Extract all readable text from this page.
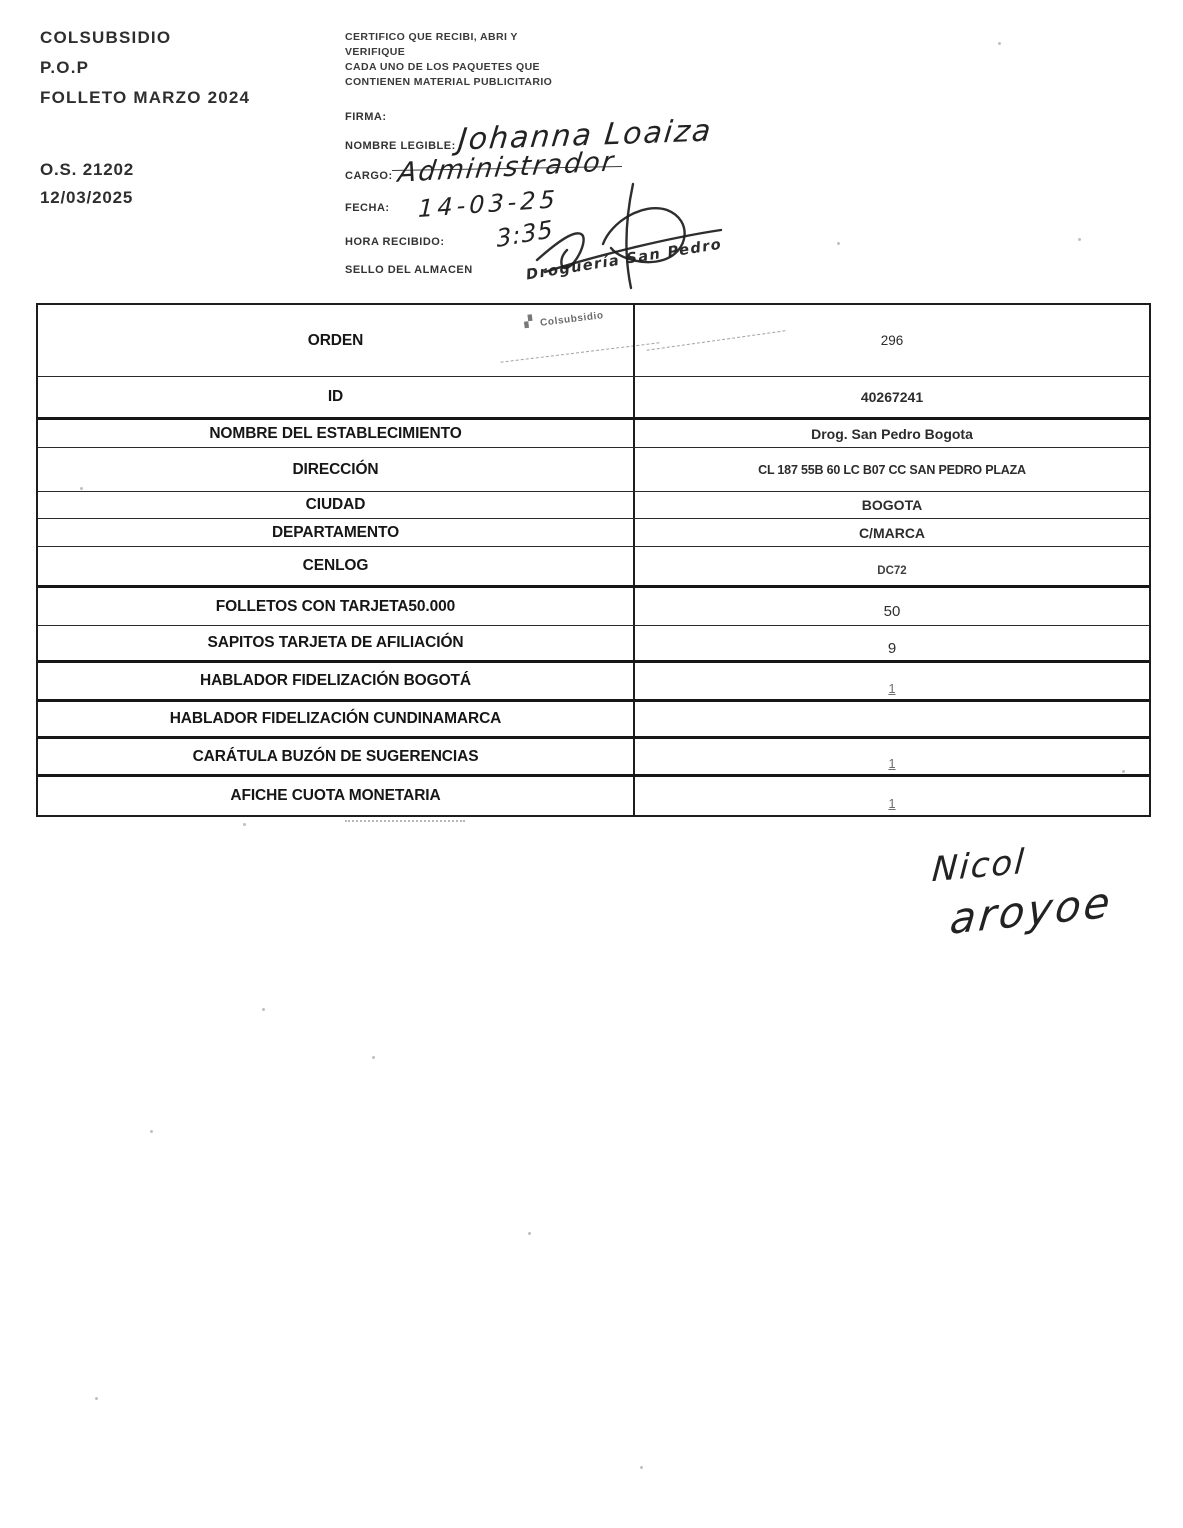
COLSUBSIDIO
P.O.P
FOLLETO MARZO 2024
O.S. 21202
12/03/2025
CERTIFICO QUE RECIBI, ABRI Y
VERIFIQUE
CADA UNO DE LOS PAQUETES QUE
CONTIENEN MATERIAL PUBLICITARIO
FIRMA:
NOMBRE LEGIBLE:
CARGO:
FECHA:
HORA RECIBIDO:
SELLO DEL ALMACEN
Johanna Loaiza
Administrador
14-03-25
3:35
Droguería San Pedro
▞ Colsubsidio
ORDEN	296
ID	40267241
NOMBRE DEL ESTABLECIMIENTO	Drog. San Pedro Bogota
DIRECCIÓN	CL 187 55B 60 LC B07 CC SAN PEDRO PLAZA
CIUDAD	BOGOTA
DEPARTAMENTO	C/MARCA
CENLOG	DC72
FOLLETOS CON TARJETA50.000	50
SAPITOS TARJETA DE AFILIACIÓN	9
HABLADOR FIDELIZACIÓN BOGOTÁ	1
HABLADOR FIDELIZACIÓN CUNDINAMARCA
CARÁTULA BUZÓN DE SUGERENCIAS	1
AFICHE CUOTA MONETARIA	1
Nicol
aroyoe
